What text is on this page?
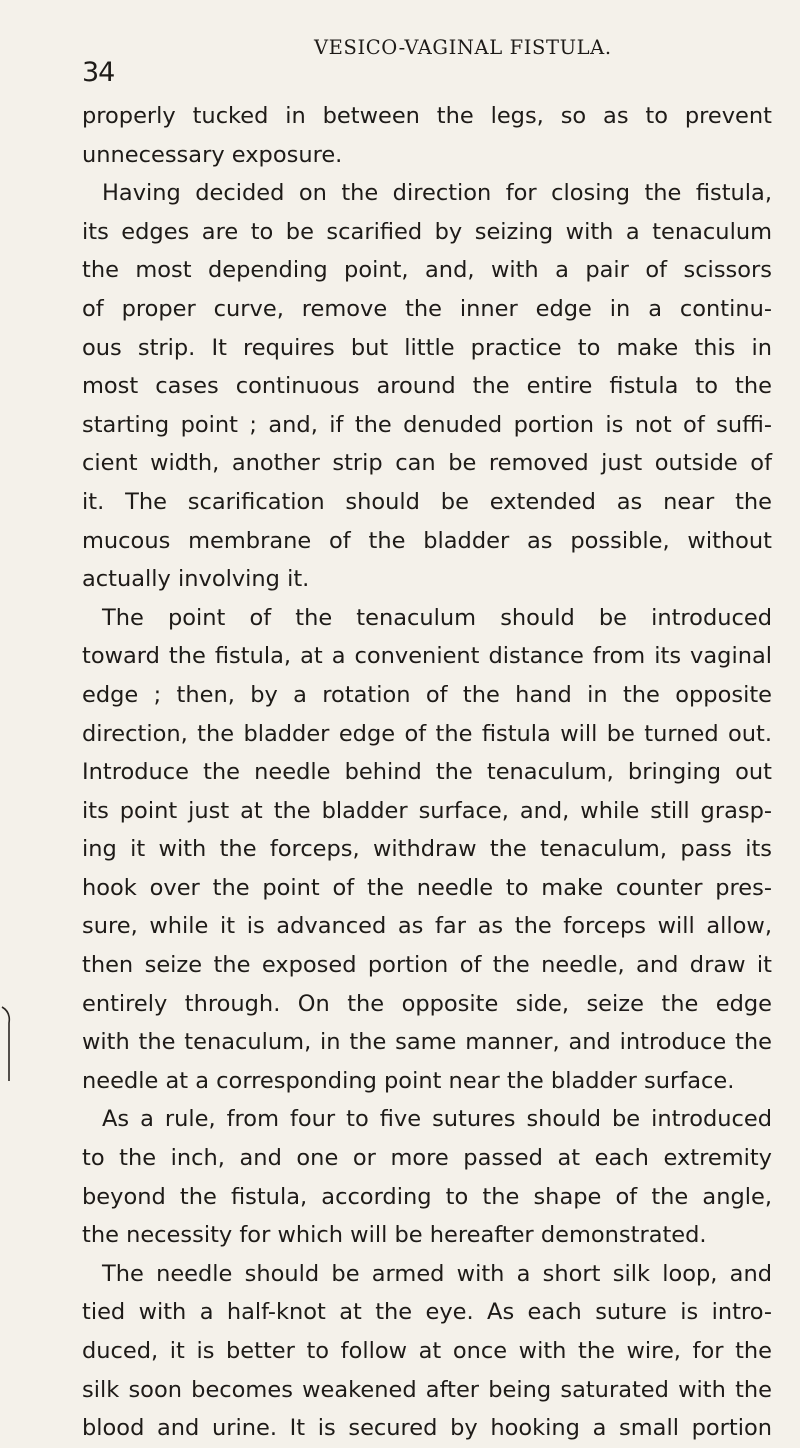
34
VESICO-VAGINAL FISTULA.
properly tucked in between the legs, so as to prevent
unnecessary exposure.
Having decided on the direction for closing the fistula,
its edges are to be scarified by seizing with a tenaculum
the most depending point, and, with a pair of scissors
of proper curve, remove the inner edge in a continu-
ous strip. It requires but little practice to make this in
most cases continuous around the entire fistula to the
starting point ; and, if the denuded portion is not of suffi-
cient width, another strip can be removed just outside of
it. The scarification should be extended as near the
mucous membrane of the bladder as possible, without
actually involving it.
The point of the tenaculum should be introduced
toward the fistula, at a convenient distance from its vaginal
edge ; then, by a rotation of the hand in the opposite
direction, the bladder edge of the fistula will be turned out.
Introduce the needle behind the tenaculum, bringing out
its point just at the bladder surface, and, while still grasp-
ing it with the forceps, withdraw the tenaculum, pass its
hook over the point of the needle to make counter pres-
sure, while it is advanced as far as the forceps will allow,
then seize the exposed portion of the needle, and draw it
entirely through. On the opposite side, seize the edge
with the tenaculum, in the same manner, and introduce the
needle at a corresponding point near the bladder surface.
As a rule, from four to five sutures should be introduced
to the inch, and one or more passed at each extremity
beyond the fistula, according to the shape of the angle,
the necessity for which will be hereafter demonstrated.
The needle should be armed with a short silk loop, and
tied with a half-knot at the eye. As each suture is intro-
duced, it is better to follow at once with the wire, for the
silk soon becomes weakened after being saturated with the
blood and urine. It is secured by hooking a small portion
